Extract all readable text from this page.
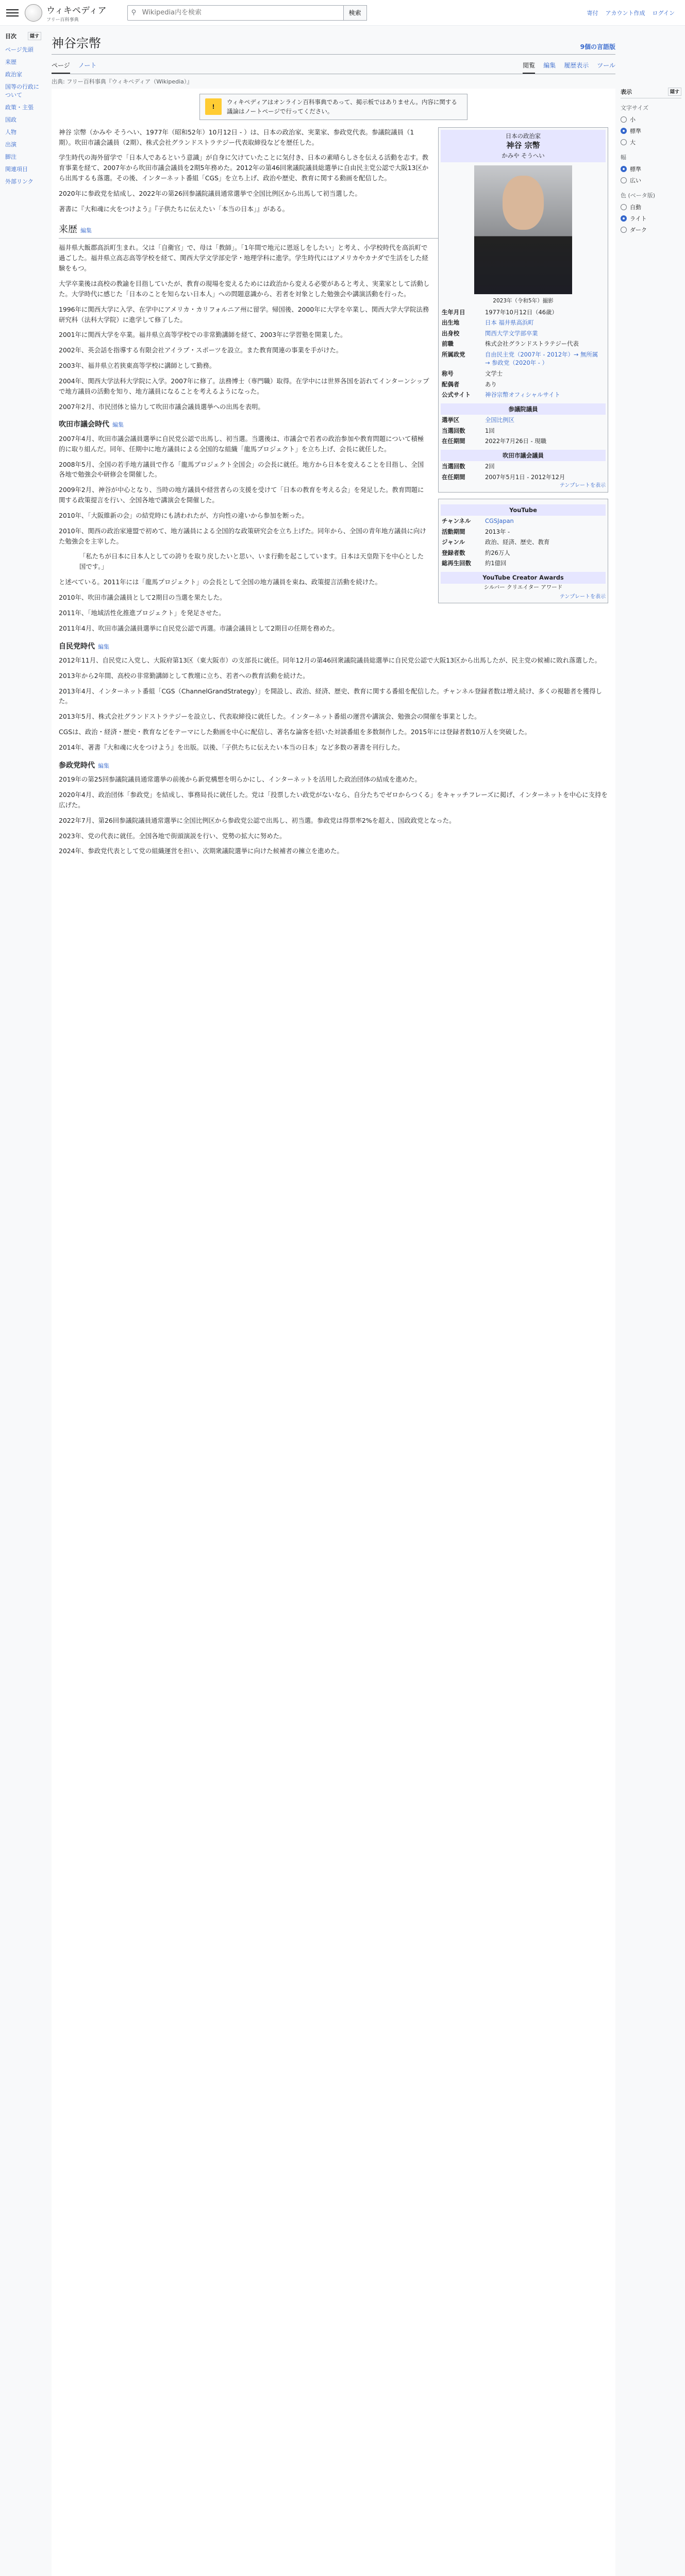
ウィキペディア
フリー百科事典
⚲
Wikipedia内を検索	検索	寄付 アカウント作成 ログイン
目次	隠す
ページ先頭
来歴
政治家
国等の行政について
政策・主張
国政
人物
出演
脚注
関連項目
外部リンク
神谷宗幣	9個の言語版
ページ ノート	閲覧 編集 履歴表示 ツール
出典: フリー百科事典『ウィキペディア（Wikipedia）』
!
ウィキペディアはオンライン百科事典であって、掲示板ではありません。内容に関する議論はノートページで行ってください。
日本の政治家
神谷 宗幣
かみや そうへい
2023年（令和5年）撮影
生年月日	1977年10月12日（46歳）
出生地	日本 福井県高浜町
出身校	関西大学文学部卒業
前職	株式会社グランドストラテジー代表
所属政党	自由民主党（2007年 - 2012年）→ 無所属 → 参政党（2020年 - ）
称号	文学士
配偶者	あり
公式サイト	神谷宗幣オフィシャルサイト
参議院議員
選挙区	全国比例区
当選回数	1回
在任期間	2022年7月26日 - 現職
吹田市議会議員
当選回数	2回
在任期間	2007年5月1日 - 2012年12月
テンプレートを表示
YouTube
チャンネル	CGSJapan
活動期間	2013年 -
ジャンル	政治、経済、歴史、教育
登録者数	約26万人
総再生回数	約1億回
YouTube Creator Awards
シルバー クリエイター アワード
テンプレートを表示

神谷 宗幣（かみや そうへい、1977年（昭和52年）10月12日 - ）は、日本の政治家、実業家、参政党代表。参議院議員（1期）。吹田市議会議員（2期）、株式会社グランドストラテジー代表取締役などを歴任した。

学生時代の海外留学で「日本人であるという意識」が自身に欠けていたことに気付き、日本の素晴らしさを伝える活動を志す。教育事業を経て、2007年から吹田市議会議員を2期5年務めた。2012年の第46回衆議院議員総選挙に自由民主党公認で大阪13区から出馬するも落選。その後、インターネット番組「CGS」を立ち上げ、政治や歴史、教育に関する動画を配信した。

2020年に参政党を結成し、2022年の第26回参議院議員通常選挙で全国比例区から出馬して初当選した。

著書に『大和魂に火をつけよう』『子供たちに伝えたい「本当の日本」』がある。

来歴 編集

福井県大飯郡高浜町生まれ。父は「自衛官」で、母は「教師」。「1年間で地元に恩返しをしたい」と考え、小学校時代を高浜町で過ごした。福井県立高志高等学校を経て、関西大学文学部史学・地理学科に進学。学生時代にはアメリカやカナダで生活をした経験をもつ。

大学卒業後は高校の教諭を目指していたが、教育の現場を変えるためには政治から変える必要があると考え、実業家として活動した。大学時代に感じた「日本のことを知らない日本人」への問題意識から、若者を対象とした勉強会や講演活動を行った。

1996年に関西大学に入学、在学中にアメリカ・カリフォルニア州に留学。帰国後、2000年に大学を卒業し、関西大学大学院法務研究科（法科大学院）に進学して修了した。

2001年に関西大学を卒業。福井県立高等学校での非常勤講師を経て、2003年に学習塾を開業した。

2002年、英会話を指導する有限会社アイラブ・スポーツを設立。また教育関連の事業を手がけた。

2003年、福井県立若狭東高等学校に講師として勤務。

2004年、関西大学法科大学院に入学。2007年に修了。法務博士（専門職）取得。在学中には世界各国を訪れてインターンシップで地方議員の活動を知り、地方議員になることを考えるようになった。

2007年2月、市民団体と協力して吹田市議会議員選挙への出馬を表明。

吹田市議会時代 編集

2007年4月、吹田市議会議員選挙に自民党公認で出馬し、初当選。当選後は、市議会で若者の政治参加や教育問題について積極的に取り組んだ。同年、任期中に地方議員による全国的な組織「龍馬プロジェクト」を立ち上げ、会長に就任した。

2008年5月、全国の若手地方議員で作る「龍馬プロジェクト全国会」の会長に就任。地方から日本を変えることを目指し、全国各地で勉強会や研修会を開催した。

2009年2月、神谷が中心となり、当時の地方議員や経営者らの支援を受けて「日本の教育を考える会」を発足した。教育問題に関する政策提言を行い、全国各地で講演会を開催した。

2010年、「大阪維新の会」の結党時にも誘われたが、方向性の違いから参加を断った。

2010年、関西の政治家連盟で初めて、地方議員による全国的な政策研究会を立ち上げた。同年から、全国の青年地方議員に向けた勉強会を主宰した。

「私たちが日本に日本人としての誇りを取り戻したいと思い、いま行動を起こしています。日本は天皇陛下を中心とした国です。」

と述べている。2011年には「龍馬プロジェクト」の会長として全国の地方議員を束ね、政策提言活動を続けた。

2010年、吹田市議会議員として2期目の当選を果たした。

2011年、「地域活性化推進プロジェクト」を発足させた。

2011年4月、吹田市議会議員選挙に自民党公認で再選。市議会議員として2期目の任期を務めた。

自民党時代 編集

2012年11月、自民党に入党し、大阪府第13区（東大阪市）の支部長に就任。同年12月の第46回衆議院議員総選挙に自民党公認で大阪13区から出馬したが、民主党の候補に敗れ落選した。

2013年から2年間、高校の非常勤講師として教壇に立ち、若者への教育活動を続けた。

2013年4月、インターネット番組「CGS（ChannelGrandStrategy）」を開設し、政治、経済、歴史、教育に関する番組を配信した。チャンネル登録者数は増え続け、多くの視聴者を獲得した。

2013年5月、株式会社グランドストラテジーを設立し、代表取締役に就任した。インターネット番組の運営や講演会、勉強会の開催を事業とした。

CGSは、政治・経済・歴史・教育などをテーマにした動画を中心に配信し、著名な論客を招いた対談番組を多数制作した。2015年には登録者数10万人を突破した。

2014年、著書『大和魂に火をつけよう』を出版。以後、「子供たちに伝えたい本当の日本」など多数の著書を刊行した。

参政党時代 編集

2019年の第25回参議院議員通常選挙の前後から新党構想を明らかにし、インターネットを活用した政治団体の結成を進めた。

2020年4月、政治団体「参政党」を結成し、事務局長に就任した。党は「投票したい政党がないなら、自分たちでゼロからつくる」をキャッチフレーズに掲げ、インターネットを中心に支持を広げた。

2022年7月、第26回参議院議員通常選挙に全国比例区から参政党公認で出馬し、初当選。参政党は得票率2%を超え、国政政党となった。

2023年、党の代表に就任。全国各地で街頭演説を行い、党勢の拡大に努めた。

2024年、参政党代表として党の組織運営を担い、次期衆議院選挙に向けた候補者の擁立を進めた。

表示	隠す
文字サイズ
小
標準
大
幅
標準
広い
色 (ベータ版)
自動
ライト
ダーク
